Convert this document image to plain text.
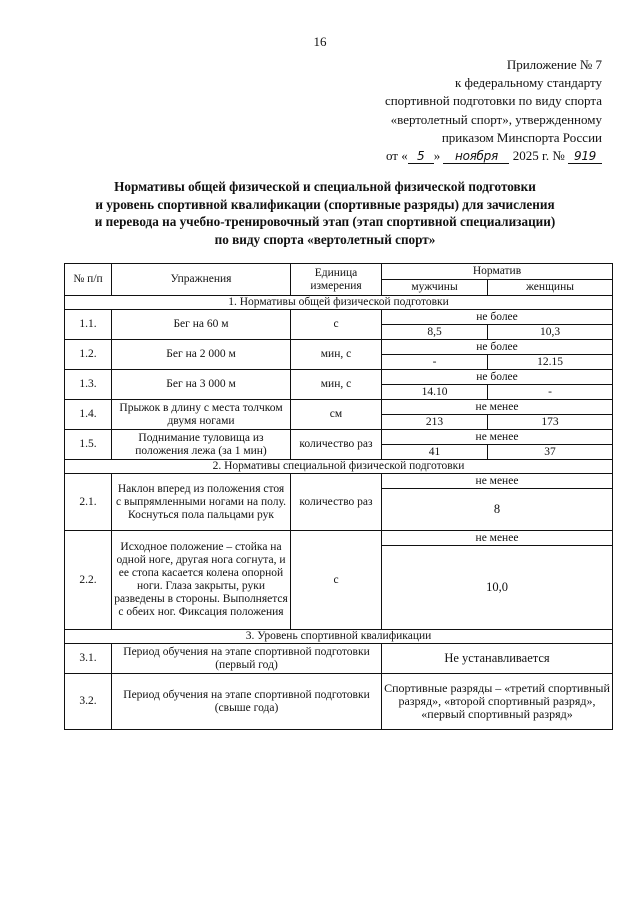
16
Приложение № 7
к федеральному стандарту
спортивной подготовки по виду спорта
«вертолетный спорт», утвержденному
приказом Минспорта России
от « 5 » ноября 2025 г. № 919
Нормативы общей физической и специальной физической подготовки
и уровень спортивной квалификации (спортивные разряды) для зачисления
и перевода на учебно-тренировочный этап (этап спортивной специализации)
по виду спорта «вертолетный спорт»
№ п/п	Упражнения	Единица измерения	Норматив	
			мужчины	женщины
1. Нормативы общей физической подготовки				
1.1.	Бег на 60 м	с	не более	
			8,5	10,3
1.2.	Бег на 2 000 м	мин, с	не более	
			-	12.15
1.3.	Бег на 3 000 м	мин, с	не более	
			14.10	-
1.4.	Прыжок в длину с места толчком двумя ногами	см	не менее	
			213	173
1.5.	Поднимание туловища из положения лежа (за 1 мин)	количество раз	не менее	
			41	37
2. Нормативы специальной физической подготовки				
2.1.	Наклон вперед из положения стоя с выпрямленными ногами на полу. Коснуться пола пальцами рук	количество раз	не менее	
			8	
2.2.	Исходное положение – стойка на одной ноге, другая нога согнута, и ее стопа касается колена опорной ноги. Глаза закрыты, руки разведены в стороны. Выполняется с обеих ног. Фиксация положения	с	не менее	
			10,0	
3. Уровень спортивной квалификации				
3.1.	Период обучения на этапе спортивной подготовки (первый год)		Не устанавливается	
3.2.	Период обучения на этапе спортивной подготовки (свыше года)		Спортивные разряды – «третий спортивный разряд», «второй спортивный разряд», «первый спортивный разряд»	
